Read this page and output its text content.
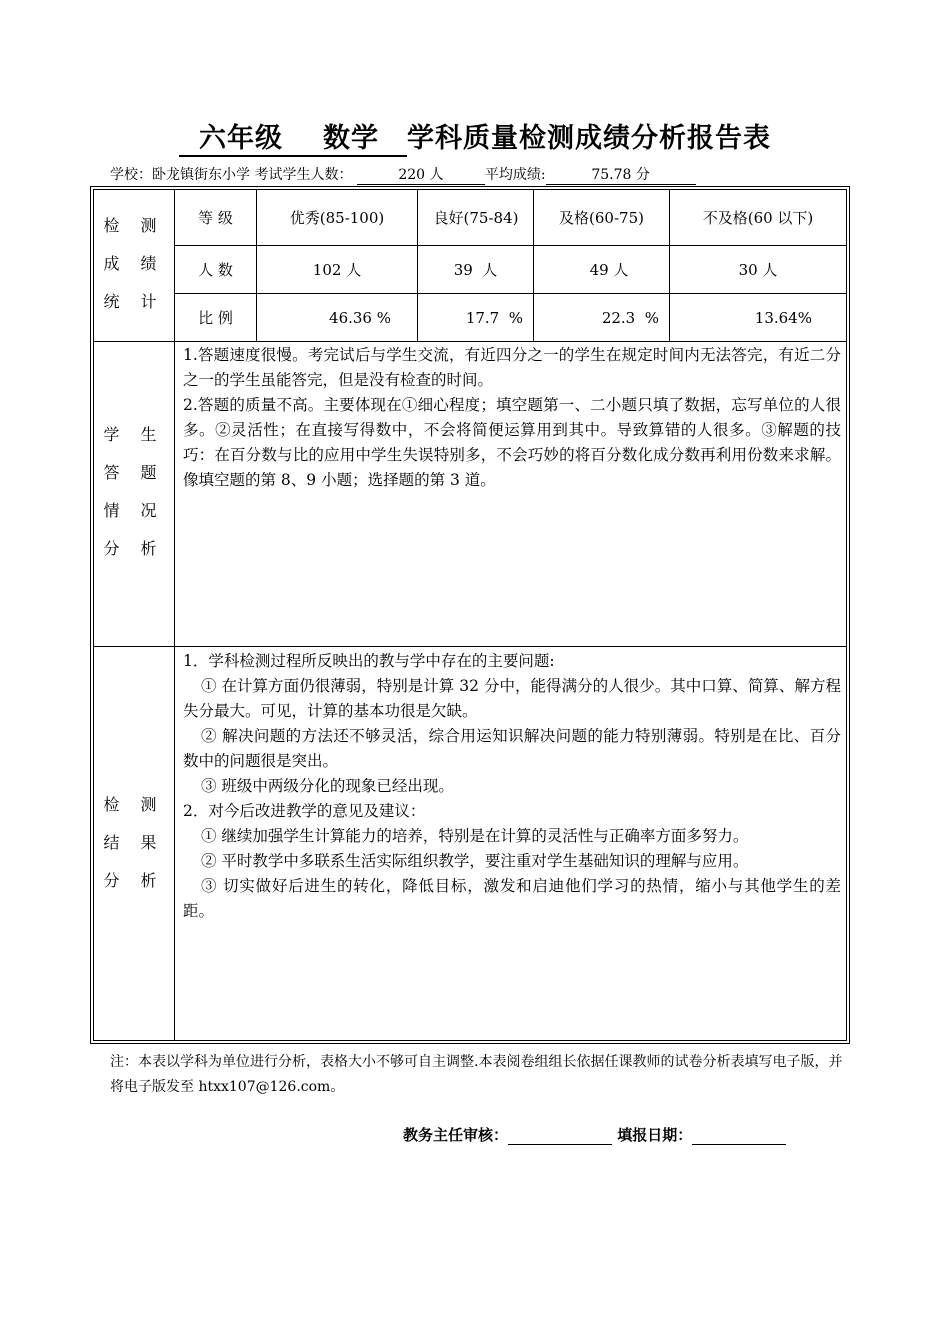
六年级 数学 学科质量检测成绩分析报告表
学校：卧龙镇街东小学 考试学生人数：	220 人	平均成绩:	75.78 分
检 测
成 绩
统 计
等 级	优秀(85-100)	良好(75-84)	及格(60-75)	不及格(60 以下)
人 数	102 人	39  人	49 人	30 人
比 例	46.36 %	17.7  %	22.3  %	13.64%
学 生
答 题
情 况
分 析

1.答题速度很慢。考完试后与学生交流，有近四分之一的学生在规定时间内无法答完，有近二分之一的学生虽能答完，但是没有检查的时间。

2.答题的质量不高。主要体现在①细心程度；填空题第一、二小题只填了数据，忘写单位的人很多。②灵活性；在直接写得数中，不会将简便运算用到其中。导致算错的人很多。③解题的技巧：在百分数与比的应用中学生失误特别多，不会巧妙的将百分数化成分数再利用份数来求解。像填空题的第 8、9 小题；选择题的第 3 道。

检 测
结 果
分 析

1．学科检测过程所反映出的教与学中存在的主要问题:

① 在计算方面仍很薄弱，特别是计算 32 分中，能得满分的人很少。其中口算、简算、解方程失分最大。可见，计算的基本功很是欠缺。

② 解决问题的方法还不够灵活，综合用运知识解决问题的能力特别薄弱。特别是在比、百分数中的问题很是突出。

③ 班级中两级分化的现象已经出现。

2．对今后改进教学的意见及建议：

① 继续加强学生计算能力的培养，特别是在计算的灵活性与正确率方面多努力。

② 平时教学中多联系生活实际组织教学，要注重对学生基础知识的理解与应用。

③ 切实做好后进生的转化，降低目标，激发和启迪他们学习的热情，缩小与其他学生的差距。

注：本表以学科为单位进行分析，表格大小不够可自主调整.本表阅卷组组长依据任课教师的试卷分析表填写电子版，并将电子版发至 htxx107@126.com。
教务主任审核：	填报日期：
